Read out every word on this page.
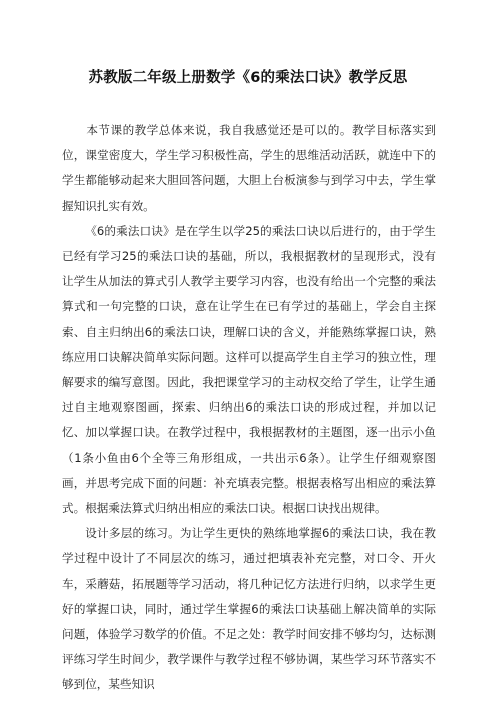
苏教版二年级上册数学《6的乘法口诀》教学反思

本节课的教学总体来说，我自我感觉还是可以的。教学目标落实到位，课堂密度大，学生学习积极性高，学生的思维活动活跃，就连中下的学生都能够动起来大胆回答问题，大胆上台板演参与到学习中去，学生掌握知识扎实有效。

《6的乘法口诀》是在学生以学25的乘法口诀以后进行的，由于学生已经有学习25的乘法口诀的基础，所以，我根据教材的呈现形式，没有让学生从加法的算式引人教学主要学习内容，也没有给出一个完整的乘法算式和一句完整的口诀，意在让学生在已有学过的基础上，学会自主探索、自主归纳出6的乘法口诀，理解口诀的含义，并能熟练掌握口诀，熟练应用口诀解决简单实际问题。这样可以提高学生自主学习的独立性，理解要求的编写意图。因此，我把课堂学习的主动权交给了学生，让学生通过自主地观察图画，探索、归纳出6的乘法口诀的形成过程，并加以记忆、加以掌握口诀。在教学过程中，我根据教材的主题图，逐一出示小鱼（1条小鱼由6个全等三角形组成，一共出示6条）。让学生仔细观察图画，并思考完成下面的问题：补充填表完整。根据表格写出相应的乘法算式。根据乘法算式归纳出相应的乘法口诀。根据口诀找出规律。

设计多层的练习。为让学生更快的熟练地掌握6的乘法口诀，我在教学过程中设计了不同层次的练习，通过把填表补充完整，对口令、开火车，采蘑菇，拓展题等学习活动，将几种记忆方法进行归纳，以求学生更好的掌握口诀，同时，通过学生掌握6的乘法口诀基础上解决简单的实际问题，体验学习数学的价值。不足之处：教学时间安排不够均匀，达标测评练习学生时间少，教学课件与教学过程不够协调，某些学习环节落实不够到位，某些知识
